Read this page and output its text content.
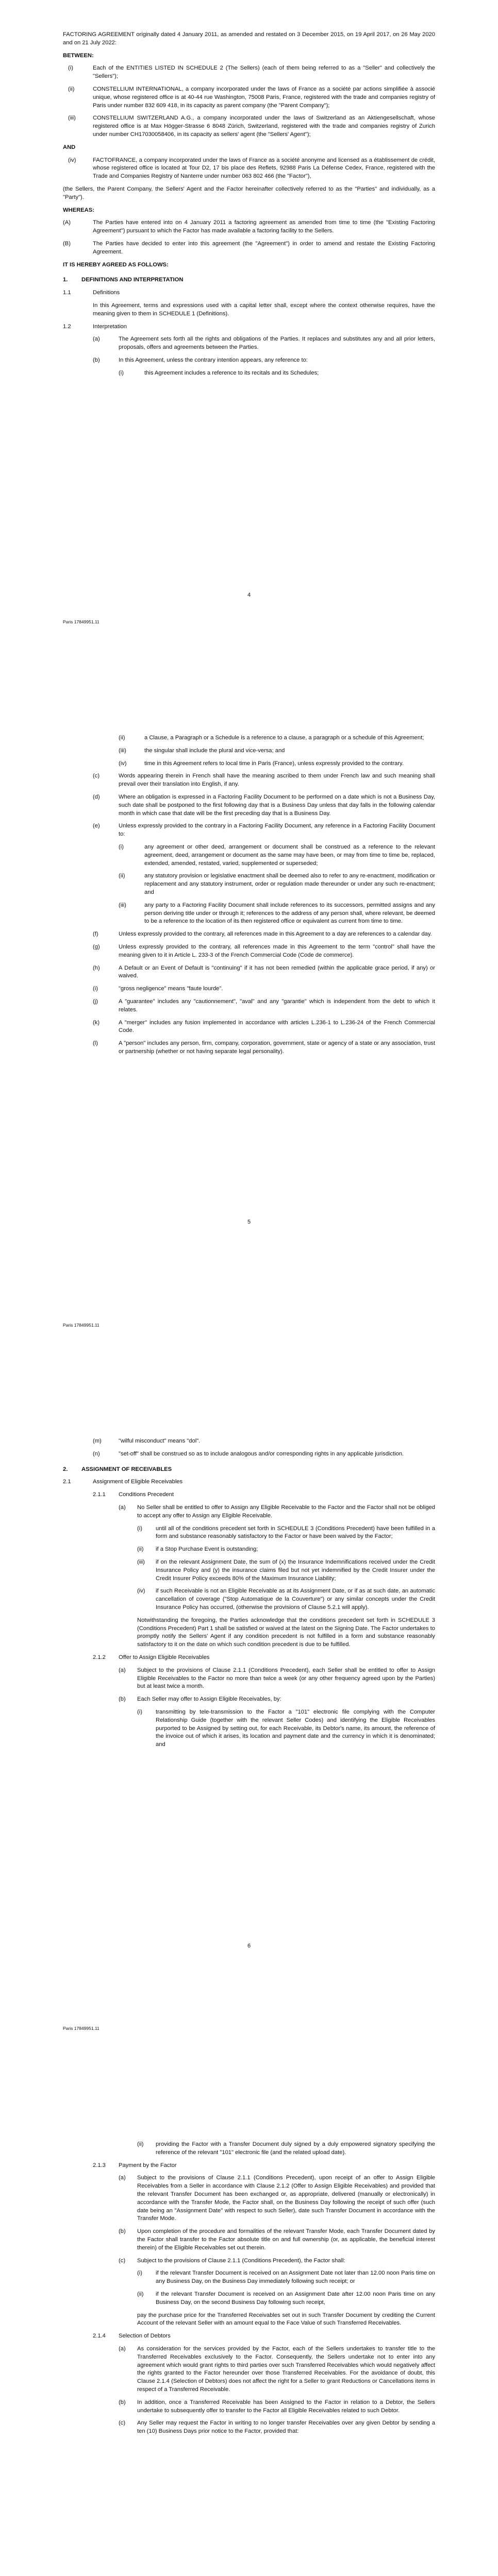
FACTORING AGREEMENT originally dated 4 January 2011, as amended and restated on 3 December 2015, on 19 April 2017, on 26 May 2020 and on 21 July 2022:

BETWEEN:

(i)	Each of the ENTITIES LISTED IN SCHEDULE 2 (The Sellers) (each of them being referred to as a "Seller" and collectively the "Sellers");
(ii)	CONSTELLIUM INTERNATIONAL, a company incorporated under the laws of France as a société par actions simplifiée à associé unique, whose registered office is at 40-44 rue Washington, 75008 Paris, France, registered with the trade and companies registry of Paris under number 832 609 418, in its capacity as parent company (the "Parent Company");
(iii)	CONSTELLIUM SWITZERLAND A.G., a company incorporated under the laws of Switzerland as an Aktiengesellschaft, whose registered office is at Max Högger-Strasse 6 8048 Zürich, Switzerland, registered with the trade and companies registry of Zurich under number CH17030058406, in its capacity as sellers' agent (the "Sellers' Agent");

AND

(iv)	FACTOFRANCE, a company incorporated under the laws of France as a société anonyme and licensed as a établissement de crédit, whose registered office is located at Tour D2, 17 bis place des Reflets, 92988 Paris La Défense Cedex, France, registered with the Trade and Companies Registry of Nanterre under number 063 802 466 (the "Factor"),

(the Sellers, the Parent Company, the Sellers' Agent and the Factor hereinafter collectively referred to as the "Parties" and individually, as a "Party").

WHEREAS:

(A)	The Parties have entered into on 4 January 2011 a factoring agreement as amended from time to time (the "Existing Factoring Agreement") pursuant to which the Factor has made available a factoring facility to the Sellers.
(B)	The Parties have decided to enter into this agreement (the "Agreement") in order to amend and restate the Existing Factoring Agreement.

IT IS HEREBY AGREED AS FOLLOWS:

1.	DEFINITIONS AND INTERPRETATION
1.1	Definitions

In this Agreement, terms and expressions used with a capital letter shall, except where the context otherwise requires, have the meaning given to them in SCHEDULE 1 (Definitions).

1.2	Interpretation
(a)	The Agreement sets forth all the rights and obligations of the Parties. It replaces and substitutes any and all prior letters, proposals, offers and agreements between the Parties.
(b)	In this Agreement, unless the contrary intention appears, any reference to:
(i)	this Agreement includes a reference to its recitals and its Schedules;
4
Paris 17849951.11
(ii)	a Clause, a Paragraph or a Schedule is a reference to a clause, a paragraph or a schedule of this Agreement;
(iii)	the singular shall include the plural and vice-versa; and
(iv)	time in this Agreement refers to local time in Paris (France), unless expressly provided to the contrary.
(c)	Words appearing therein in French shall have the meaning ascribed to them under French law and such meaning shall prevail over their translation into English, if any.
(d)	Where an obligation is expressed in a Factoring Facility Document to be performed on a date which is not a Business Day, such date shall be postponed to the first following day that is a Business Day unless that day falls in the following calendar month in which case that date will be the first preceding day that is a Business Day.
(e)	Unless expressly provided to the contrary in a Factoring Facility Document, any reference in a Factoring Facility Document to:
(i)	any agreement or other deed, arrangement or document shall be construed as a reference to the relevant agreement, deed, arrangement or document as the same may have been, or may from time to time be, replaced, extended, amended, restated, varied, supplemented or superseded;
(ii)	any statutory provision or legislative enactment shall be deemed also to refer to any re-enactment, modification or replacement and any statutory instrument, order or regulation made thereunder or under any such re-enactment; and
(iii)	any party to a Factoring Facility Document shall include references to its successors, permitted assigns and any person deriving title under or through it; references to the address of any person shall, where relevant, be deemed to be a reference to the location of its then registered office or equivalent as current from time to time.
(f)	Unless expressly provided to the contrary, all references made in this Agreement to a day are references to a calendar day.
(g)	Unless expressly provided to the contrary, all references made in this Agreement to the term "control" shall have the meaning given to it in Article L. 233-3 of the French Commercial Code (Code de commerce).
(h)	A Default or an Event of Default is "continuing" if it has not been remedied (within the applicable grace period, if any) or waived.
(i)	"gross negligence" means "faute lourde".
(j)	A "guarantee" includes any "cautionnement", "aval" and any "garantie" which is independent from the debt to which it relates.
(k)	A "merger" includes any fusion implemented in accordance with articles L.236-1 to L.236-24 of the French Commercial Code.
(l)	A "person" includes any person, firm, company, corporation, government, state or agency of a state or any association, trust or partnership (whether or not having separate legal personality).
5
Paris 17849951.11
(m)	"wilful misconduct" means "dol".
(n)	"set-off" shall be construed so as to include analogous and/or corresponding rights in any applicable jurisdiction.
2.	ASSIGNMENT OF RECEIVABLES
2.1	Assignment of Eligible Receivables
2.1.1	Conditions Precedent
(a)	No Seller shall be entitled to offer to Assign any Eligible Receivable to the Factor and the Factor shall not be obliged to accept any offer to Assign any Eligible Receivable.
(i)	until all of the conditions precedent set forth in SCHEDULE 3 (Conditions Precedent) have been fulfilled in a form and substance reasonably satisfactory to the Factor or have been waived by the Factor;
(ii)	if a Stop Purchase Event is outstanding;
(iii)	if on the relevant Assignment Date, the sum of (x) the Insurance Indemnifications received under the Credit Insurance Policy and (y) the insurance claims filed but not yet indemnified by the Credit Insurer under the Credit Insurer Policy exceeds 80% of the Maximum Insurance Liability;
(iv)	if such Receivable is not an Eligible Receivable as at its Assignment Date, or if as at such date, an automatic cancellation of coverage ("Stop Automatique de la Couverture") or any similar concepts under the Credit Insurance Policy has occurred, (otherwise the provisions of Clause 5.2.1 will apply).

Notwithstanding the foregoing, the Parties acknowledge that the conditions precedent set forth in SCHEDULE 3 (Conditions Precedent) Part 1 shall be satisfied or waived at the latest on the Signing Date. The Factor undertakes to promptly notify the Sellers' Agent if any condition precedent is not fulfilled in a form and substance reasonably satisfactory to it on the date on which such condition precedent is due to be fulfilled.

2.1.2	Offer to Assign Eligible Receivables
(a)	Subject to the provisions of Clause 2.1.1 (Conditions Precedent), each Seller shall be entitled to offer to Assign Eligible Receivables to the Factor no more than twice a week (or any other frequency agreed upon by the Parties) but at least twice a month.
(b)	Each Seller may offer to Assign Eligible Receivables, by:
(i)	transmitting by tele-transmission to the Factor a "101" electronic file complying with the Computer Relationship Guide (together with the relevant Seller Codes) and identifying the Eligible Receivables purported to be Assigned by setting out, for each Receivable, its Debtor's name, its amount, the reference of the invoice out of which it arises, its location and payment date and the currency in which it is denominated; and
6
Paris 17849951.11
(ii)	providing the Factor with a Transfer Document duly signed by a duly empowered signatory specifying the reference of the relevant "101" electronic file (and the related upload date).
2.1.3	Payment by the Factor
(a)	Subject to the provisions of Clause 2.1.1 (Conditions Precedent), upon receipt of an offer to Assign Eligible Receivables from a Seller in accordance with Clause 2.1.2 (Offer to Assign Eligible Receivables) and provided that the relevant Transfer Document has been exchanged or, as appropriate, delivered (manually or electronically) in accordance with the Transfer Mode, the Factor shall, on the Business Day following the receipt of such offer (such date being an "Assignment Date" with respect to such Seller), date such Transfer Document in accordance with the Transfer Mode.
(b)	Upon completion of the procedure and formalities of the relevant Transfer Mode, each Transfer Document dated by the Factor shall transfer to the Factor absolute title on and full ownership (or, as applicable, the beneficial interest therein) of the Eligible Receivables set out therein.
(c)	Subject to the provisions of Clause 2.1.1 (Conditions Precedent), the Factor shall:
(i)	if the relevant Transfer Document is received on an Assignment Date not later than 12.00 noon Paris time on any Business Day, on the Business Day immediately following such receipt; or
(ii)	if the relevant Transfer Document is received on an Assignment Date after 12.00 noon Paris time on any Business Day, on the second Business Day following such receipt,

pay the purchase price for the Transferred Receivables set out in such Transfer Document by crediting the Current Account of the relevant Seller with an amount equal to the Face Value of such Transferred Receivables.

2.1.4	Selection of Debtors
(a)	As consideration for the services provided by the Factor, each of the Sellers undertakes to transfer title to the Transferred Receivables exclusively to the Factor. Consequently, the Sellers undertake not to enter into any agreement which would grant rights to third parties over such Transferred Receivables which would negatively affect the rights granted to the Factor hereunder over those Transferred Receivables. For the avoidance of doubt, this Clause 2.1.4 (Selection of Debtors) does not affect the right for a Seller to grant Reductions or Cancellations items in respect of a Transferred Receivable.
(b)	In addition, once a Transferred Receivable has been Assigned to the Factor in relation to a Debtor, the Sellers undertake to subsequently offer to transfer to the Factor all Eligible Receivables related to such Debtor.
(c)	Any Seller may request the Factor in writing to no longer transfer Receivables over any given Debtor by sending a ten (10) Business Days prior notice to the Factor, provided that:
